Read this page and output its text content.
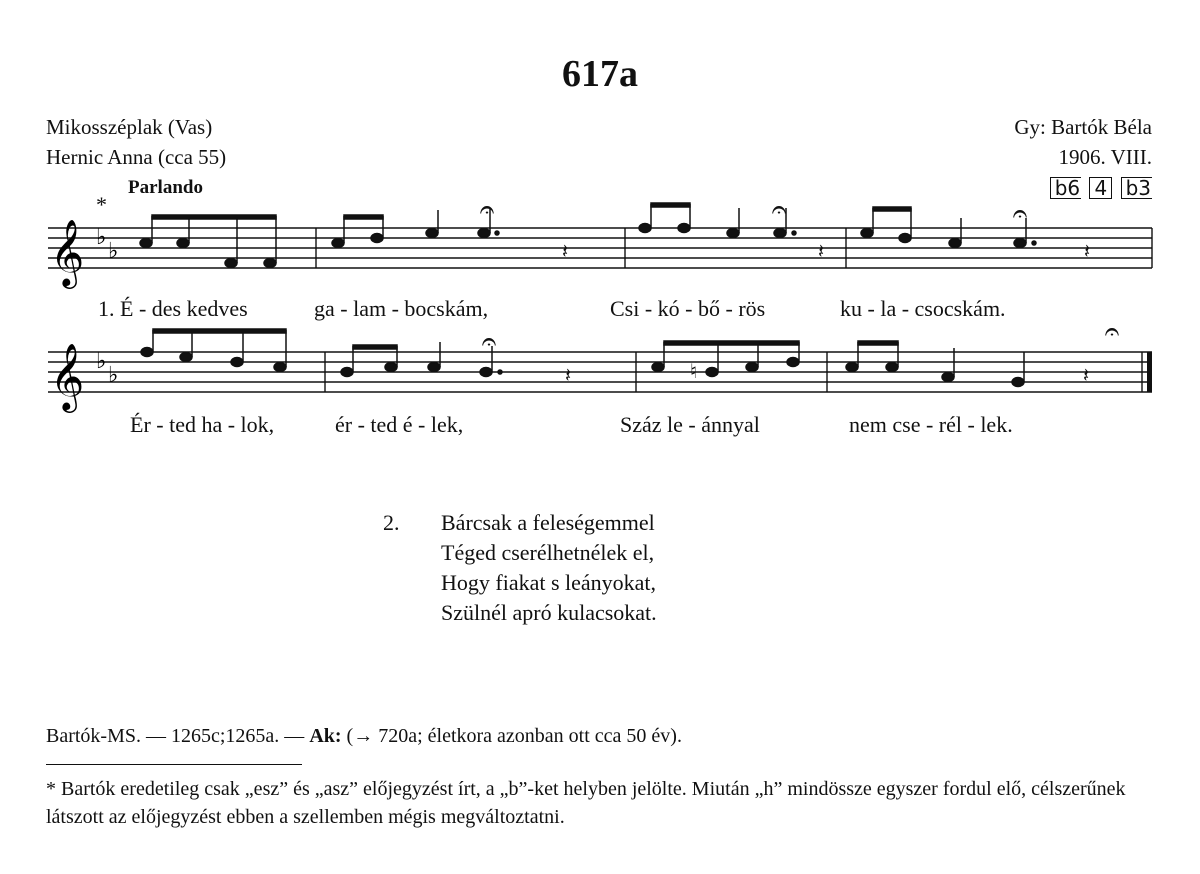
617a
Mikosszéplak (Vas)
Hernic Anna (cca 55)
Gy: Bartók Béla
1906. VIII.
Parlando
*
b6 4 b3
𝄞 ♭
♭
𝄐	𝄐	𝄐
𝄽	𝄽	𝄽
1. É - des kedves	ga - lam - bocskám,	Csi - kó - bő - rös	ku - la - csocskám.
𝄞 ♭
♭	♮
𝄐	𝄐
𝄽	𝄽
Ér - ted ha - lok,	ér - ted é - lek,	Száz le - ánnyal	nem cse - rél - lek.
2. Bárcsak a feleségemmel
Téged cserélhetnélek el,
Hogy fiakat s leányokat,
Szülnél apró kulacsokat.
Bartók-MS. — 1265c;1265a. — Ak: (→ 720a; életkora azonban ott cca 50 év).
* Bartók eredetileg csak „esz” és „asz” előjegyzést írt, a „b”-ket helyben jelölte. Miután „h” mindössze egyszer fordul elő, célszerűnek látszott az előjegyzést ebben a szellemben mégis megváltoztatni.
